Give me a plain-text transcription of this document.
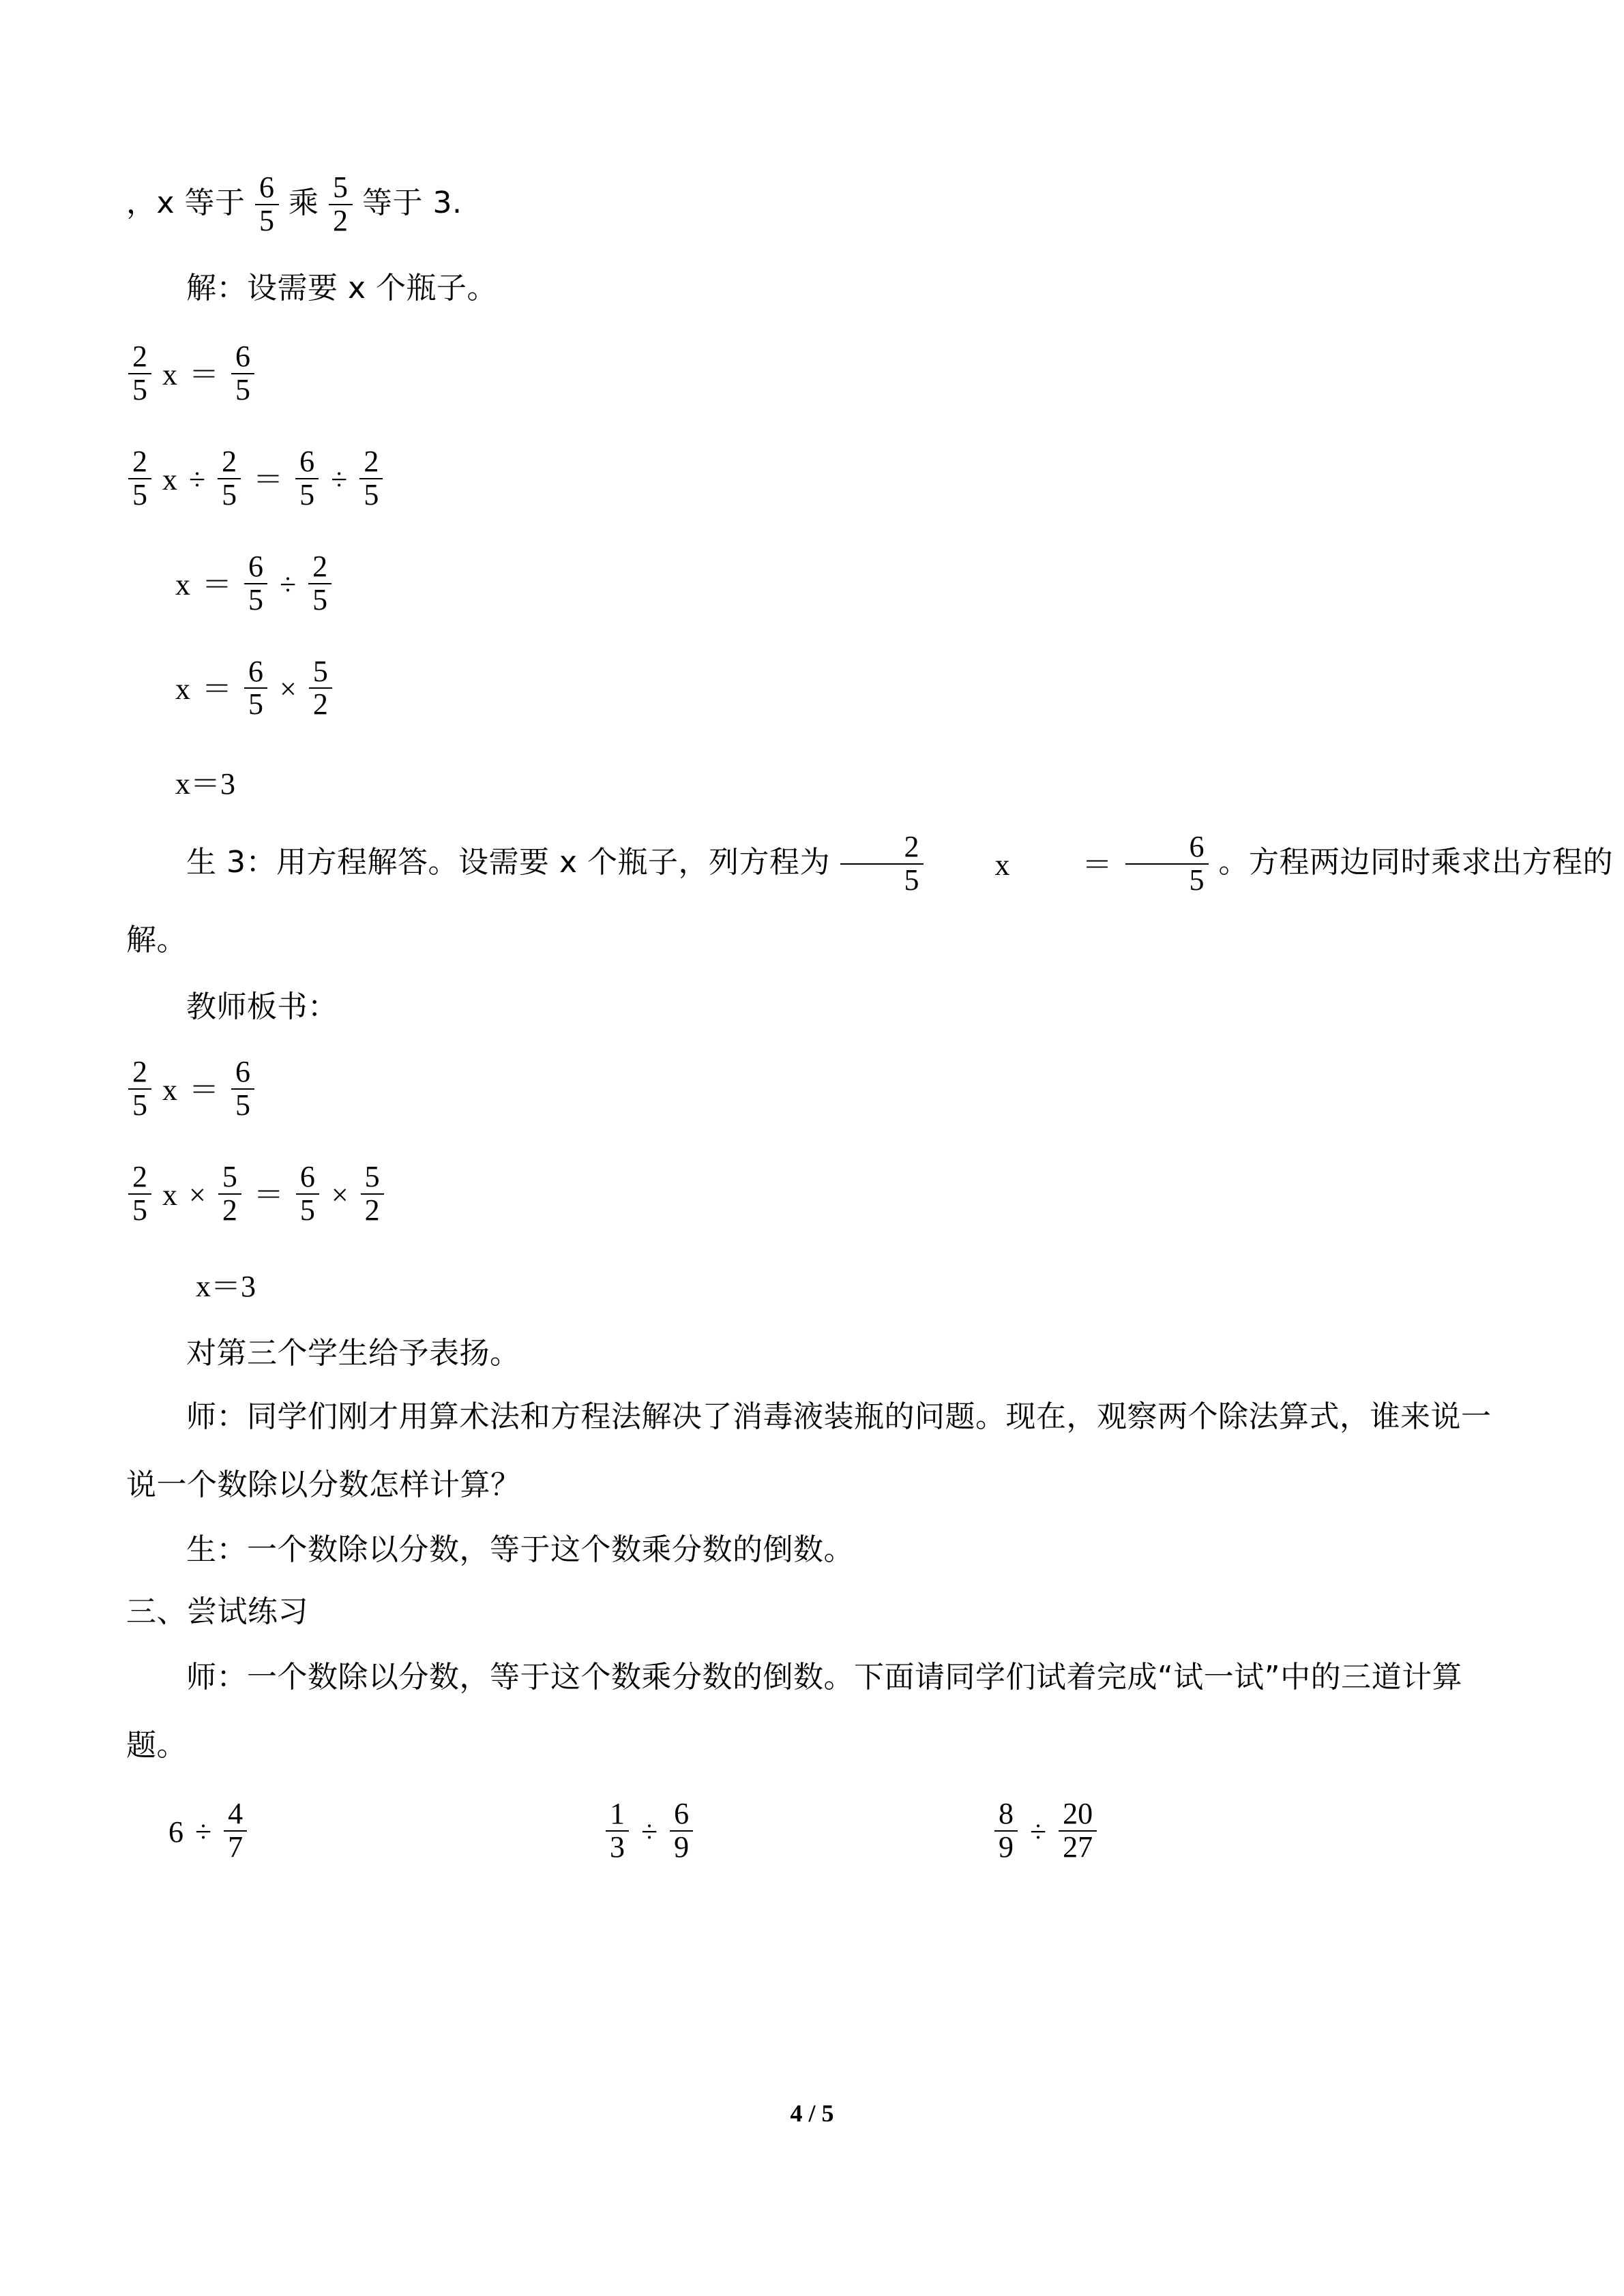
，x 等于 $\frac{6}{5}$ 乘 $\frac{5}{2}$ 等于 3.
解：设需要 x 个瓶子。
$\frac{2}{5}$ $x = \frac{6}{5}$
$\frac{2}{5}$ $x \div \frac{2}{5} = \frac{6}{5} \div \frac{2}{5}$
$x = \frac{6}{5} \div \frac{2}{5}$
$x = \frac{6}{5} \times \frac{5}{2}$
x＝3
生 3：用方程解答。设需要 x 个瓶子，列方程为 $\frac{2}{5}$ $x = \frac{6}{5}$ 。方程两边同时乘求出方程的
解。
教师板书：
$\frac{2}{5}$ $x = \frac{6}{5}$
$\frac{2}{5}$ $x \times \frac{5}{2} = \frac{6}{5} \times \frac{5}{2}$
x＝3
对第三个学生给予表扬。
师：同学们刚才用算术法和方程法解决了消毒液装瓶的问题。现在，观察两个除法算式，谁来说一说一个数除以分数怎样计算？
生：一个数除以分数，等于这个数乘分数的倒数。
三、尝试练习
师：一个数除以分数，等于这个数乘分数的倒数。下面请同学们试着完成“试一试”中的三道计算题。
$6 \div \frac{4}{7}$	$\frac{1}{3} \div \frac{6}{9}$	$\frac{8}{9} \div \frac{20}{27}$
4 / 5
